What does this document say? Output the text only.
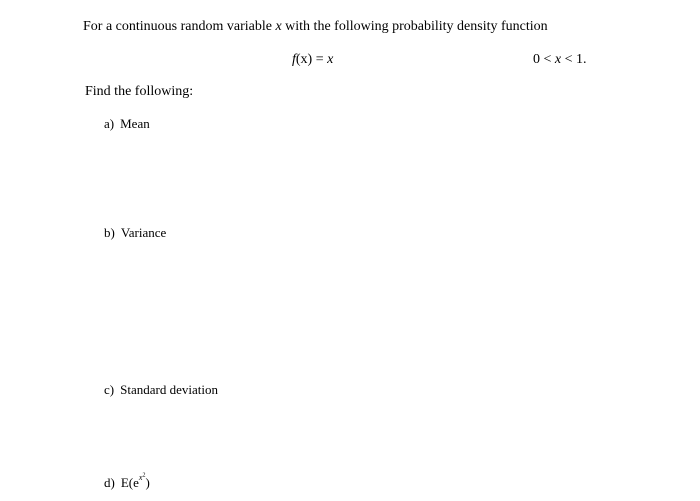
For a continuous random variable x with the following probability density function
f(x) = x	0 < x < 1.
Find the following:
a) Mean
b) Variance
c) Standard deviation
d) $E(e^{x^2})$
